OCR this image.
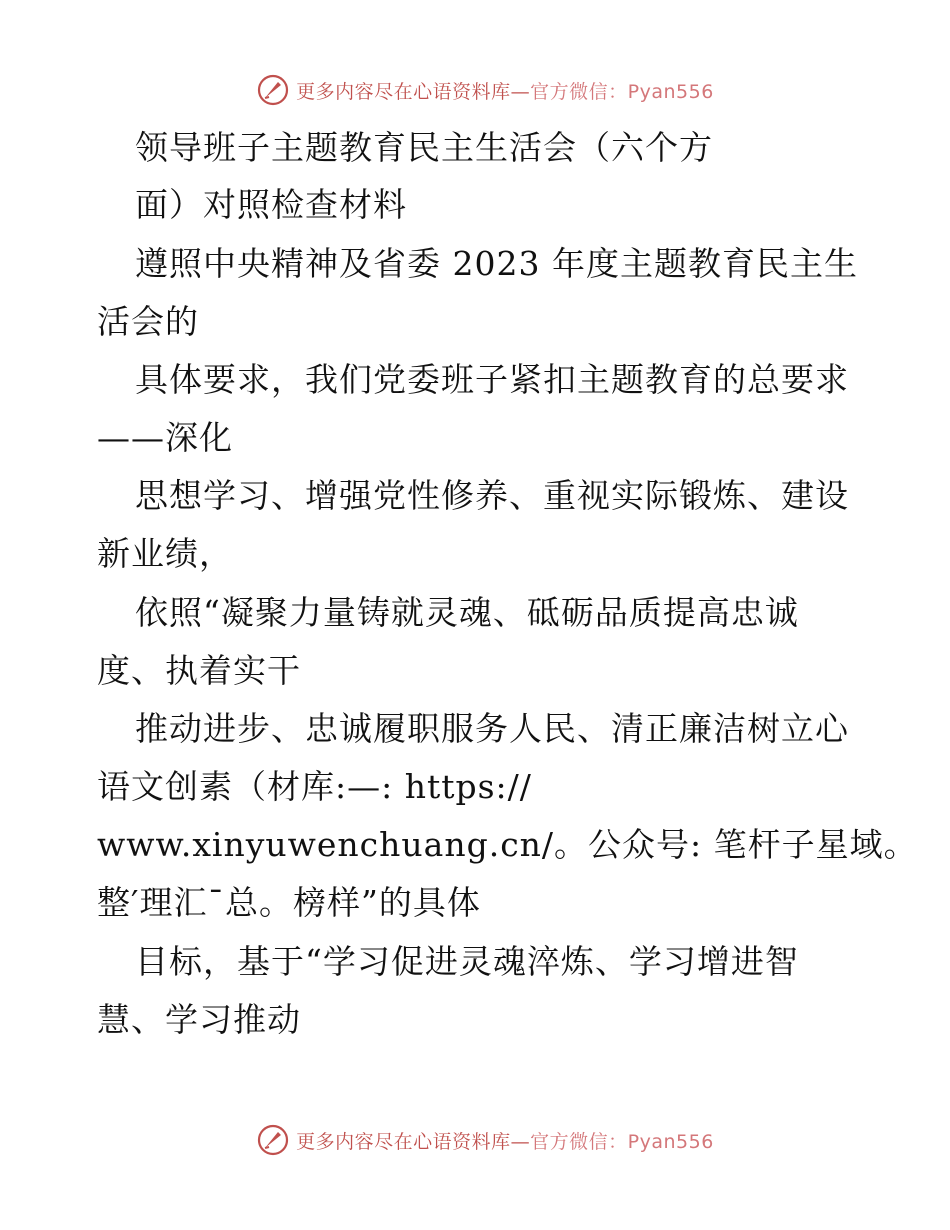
更多内容尽在心语资料库—官方微信：Pyan556
领导班子主题教育民主生活会（六个方
面）对照检查材料
遵照中央精神及省委 2023 年度主题教育民主生
活会的
具体要求，我们党委班子紧扣主题教育的总要求
——深化
思想学习、增强党性修养、重视实际锻炼、建设
新业绩，
依照“凝聚力量铸就灵魂、砥砺品质提高忠诚
度、执着实干
推动进步、忠诚履职服务人民、清正廉洁树立心
语文创素（材库:—: https://
www.xinyuwenchuang.cn/。公众号: 笔杆子星域。
整′理汇¯总。榜样”的具体
目标，基于“学习促进灵魂淬炼、学习增进智
慧、学习推动
更多内容尽在心语资料库—官方微信：Pyan556
